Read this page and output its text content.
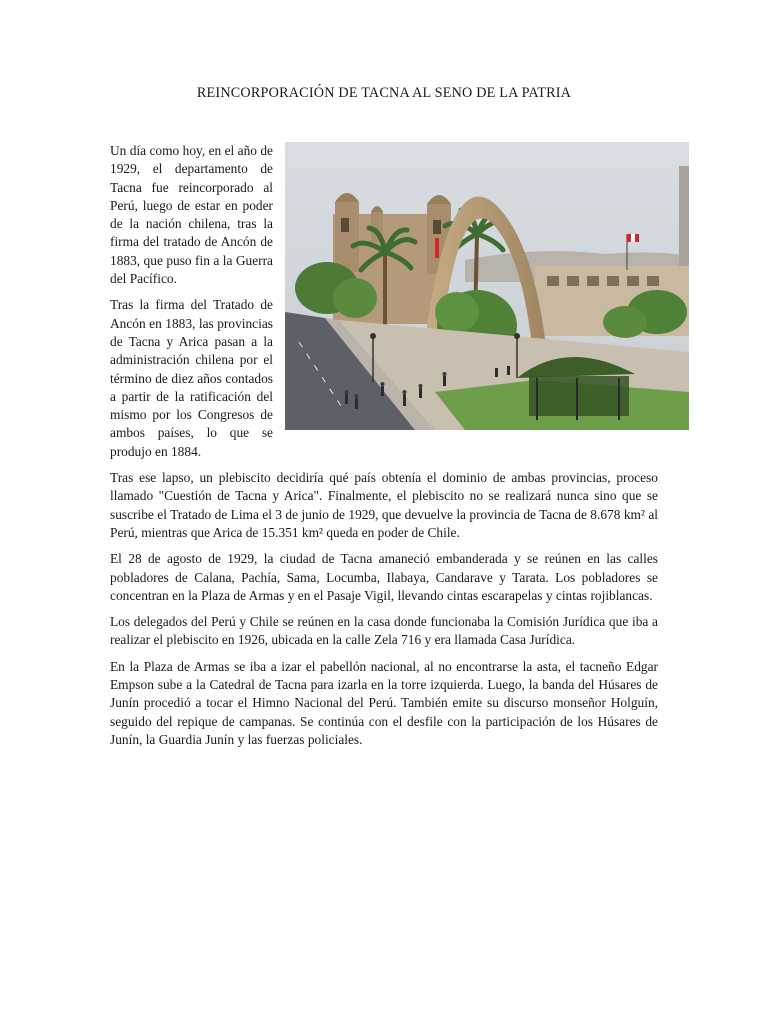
REINCORPORACIÓN DE TACNA AL SENO DE LA PATRIA

Un día como hoy, en el año de 1929, el departamento de Tacna fue reincorporado al Perú, luego de estar en poder de la nación chilena, tras la firma del tratado de Ancón de 1883, que puso fin a la Guerra del Pacífico.

Tras la firma del Tratado de Ancón en 1883, las provincias de Tacna y Arica pasan a la administración chilena por el término de diez años contados a partir de la ratificación del mismo por los Congresos de ambos países, lo que se produjo en 1884.

Tras ese lapso, un plebiscito decidiría qué país obtenía el dominio de ambas provincias, proceso llamado "Cuestión de Tacna y Arica". Finalmente, el plebiscito no se realizará nunca sino que se suscribe el Tratado de Lima el 3 de junio de 1929, que devuelve la provincia de Tacna de 8.678 km² al Perú, mientras que Arica de 15.351 km² queda en poder de Chile.

El 28 de agosto de 1929, la ciudad de Tacna amaneció embanderada y se reúnen en las calles pobladores de Calana, Pachía, Sama, Locumba, Ilabaya, Candarave y Tarata. Los pobladores se concentran en la Plaza de Armas y en el Pasaje Vigil, llevando cintas escarapelas y cintas rojiblancas.

Los delegados del Perú y Chile se reúnen en la casa donde funcionaba la Comisión Jurídica que iba a realizar el plebiscito en 1926, ubicada en la calle Zela 716 y era llamada Casa Jurídica.

En la Plaza de Armas se iba a izar el pabellón nacional, al no encontrarse la asta, el tacneño Edgar Empson sube a la Catedral de Tacna para izarla en la torre izquierda. Luego, la banda del Húsares de Junín procedió a tocar el Himno Nacional del Perú. También emite su discurso monseñor Holguín, seguido del repique de campanas. Se continúa con el desfile con la participación de los Húsares de Junín, la Guardia Junín y las fuerzas policiales.
